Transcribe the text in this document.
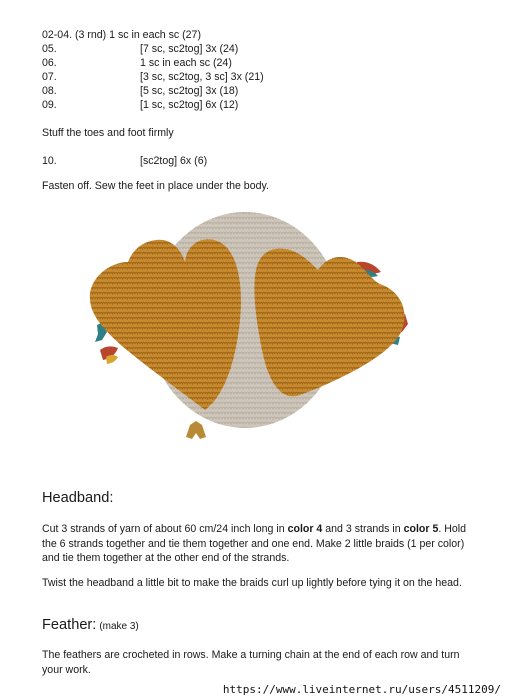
02-04. (3 rnd) 1 sc in each sc (27)
05.	[7 sc, sc2tog] 3x (24)
06.	1 sc in each sc (24)
07.	[3 sc, sc2tog, 3 sc] 3x (21)
08.	[5 sc, sc2tog] 3x (18)
09.	[1 sc, sc2tog] 6x (12)
Stuff the toes and foot firmly
10.	[sc2tog] 6x (6)
Fasten off. Sew the feet in place under the body.
Headband:
Cut 3 strands of yarn of about 60 cm/24 inch long in color 4 and 3 strands in color 5. Hold the 6 strands together and tie them together and one end. Make 2 little braids (1 per color) and tie them together at the other end of the strands.
Twist the headband a little bit to make the braids curl up lightly before tying it on the head.
Feather: (make 3)
The feathers are crocheted in rows. Make a turning chain at the end of each row and turn your work.
https://www.liveinternet.ru/users/4511209/
